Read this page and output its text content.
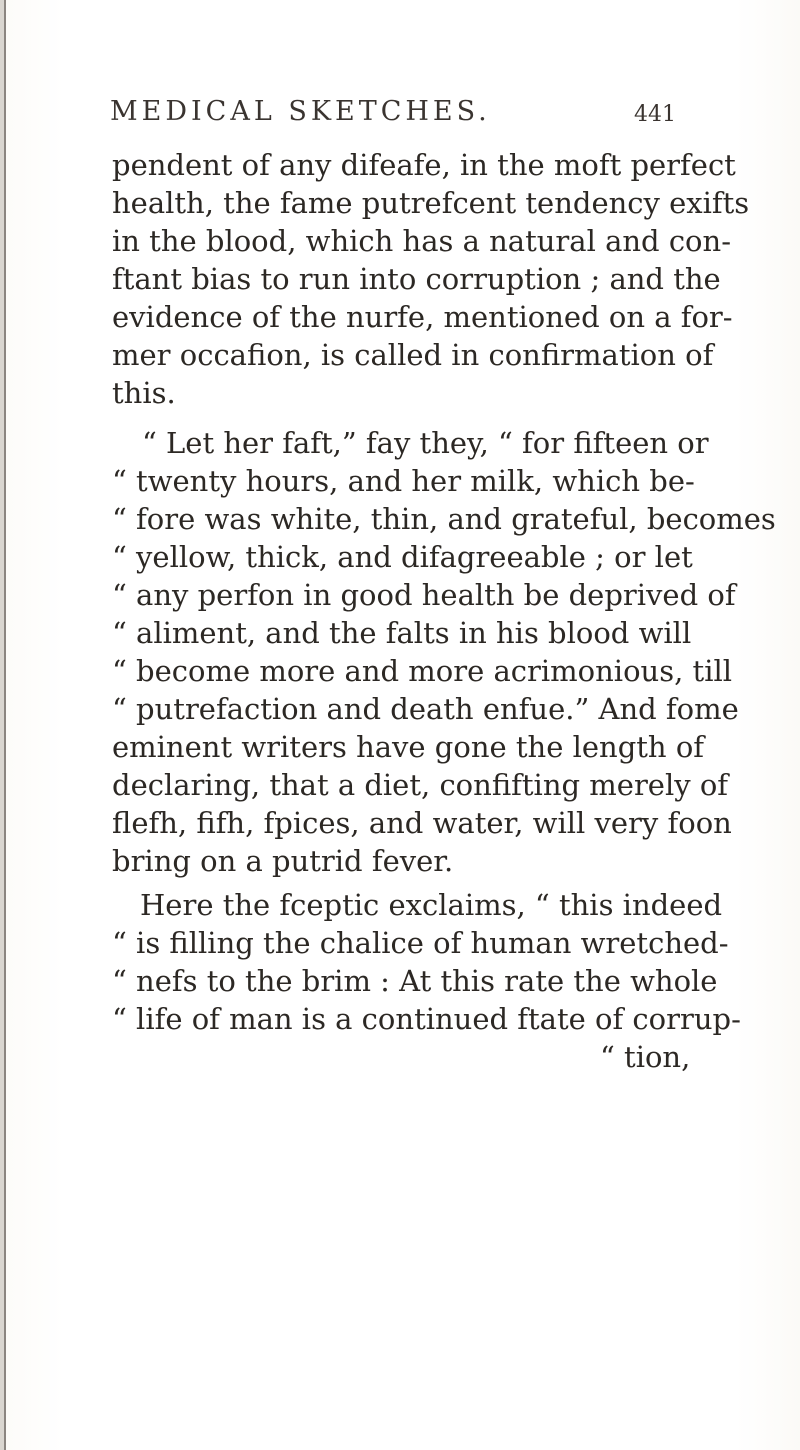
MEDICAL SKETCHES.	441
pendent of any difeafe, in the moft perfect
health, the fame putrefcent tendency exifts
in the blood, which has a natural and con-
ftant bias to run into corruption ; and the
evidence of the nurfe, mentioned on a for-
mer occafion, is called in confirmation of
this.
“ Let her faft,” fay they, “ for fifteen or
“ twenty hours, and her milk, which be-
“ fore was white, thin, and grateful, becomes
“ yellow, thick, and difagreeable ; or let
“ any perfon in good health be deprived of
“ aliment, and the falts in his blood will
“ become more and more acrimonious, till
“ putrefaction and death enfue.” And fome
eminent writers have gone the length of
declaring, that a diet, confifting merely of
flefh, fifh, fpices, and water, will very foon
bring on a putrid fever.
Here the fceptic exclaims, “ this indeed
“ is filling the chalice of human wretched-
“ nefs to the brim : At this rate the whole
“ life of man is a continued ftate of corrup-
“ tion,
